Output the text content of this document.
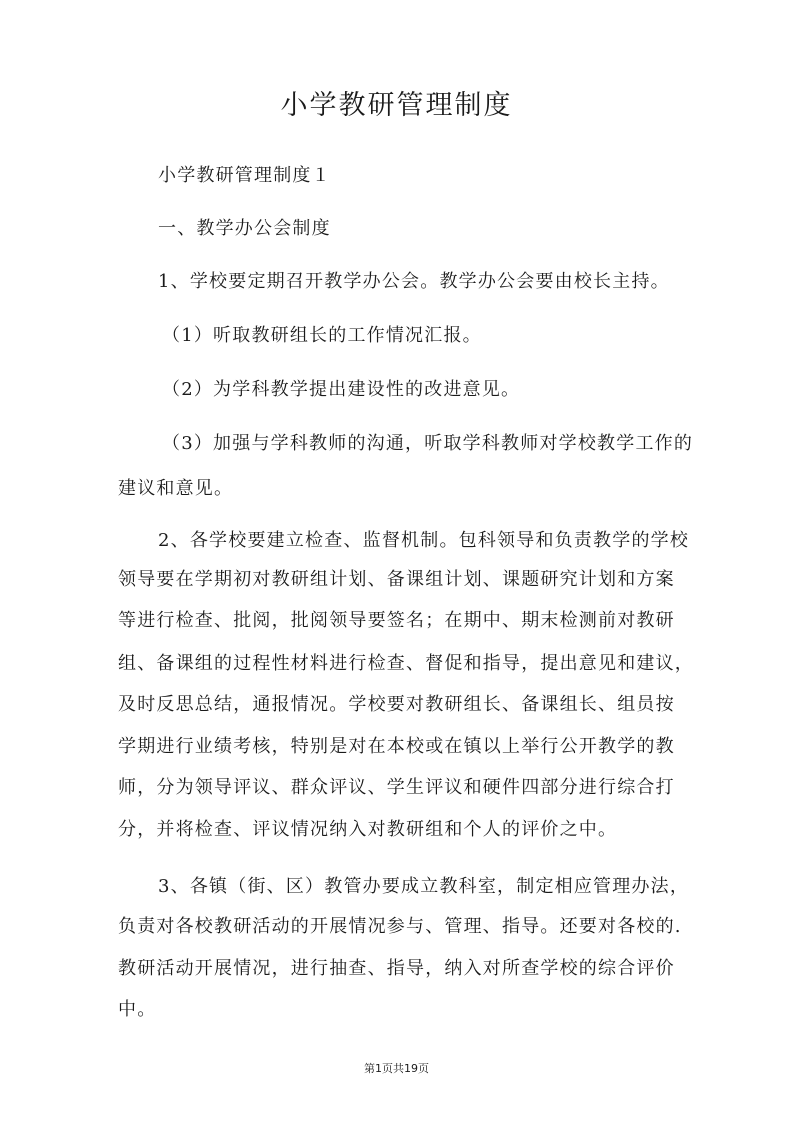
小学教研管理制度
小学教研管理制度１
一、教学办公会制度
1、学校要定期召开教学办公会。教学办公会要由校长主持。
（1）听取教研组长的工作情况汇报。
（2）为学科教学提出建设性的改进意见。
（3）加强与学科教师的沟通，听取学科教师对学校教学工作的
建议和意见。
2、各学校要建立检查、监督机制。包科领导和负责教学的学校
领导要在学期初对教研组计划、备课组计划、课题研究计划和方案
等进行检查、批阅，批阅领导要签名；在期中、期末检测前对教研
组、备课组的过程性材料进行检查、督促和指导，提出意见和建议，
及时反思总结，通报情况。学校要对教研组长、备课组长、组员按
学期进行业绩考核，特别是对在本校或在镇以上举行公开教学的教
师，分为领导评议、群众评议、学生评议和硬件四部分进行综合打
分，并将检查、评议情况纳入对教研组和个人的评价之中。
3、各镇（街、区）教管办要成立教科室，制定相应管理办法，
负责对各校教研活动的开展情况参与、管理、指导。还要对各校的.
教研活动开展情况，进行抽查、指导，纳入对所查学校的综合评价
中。
第1页共19页
